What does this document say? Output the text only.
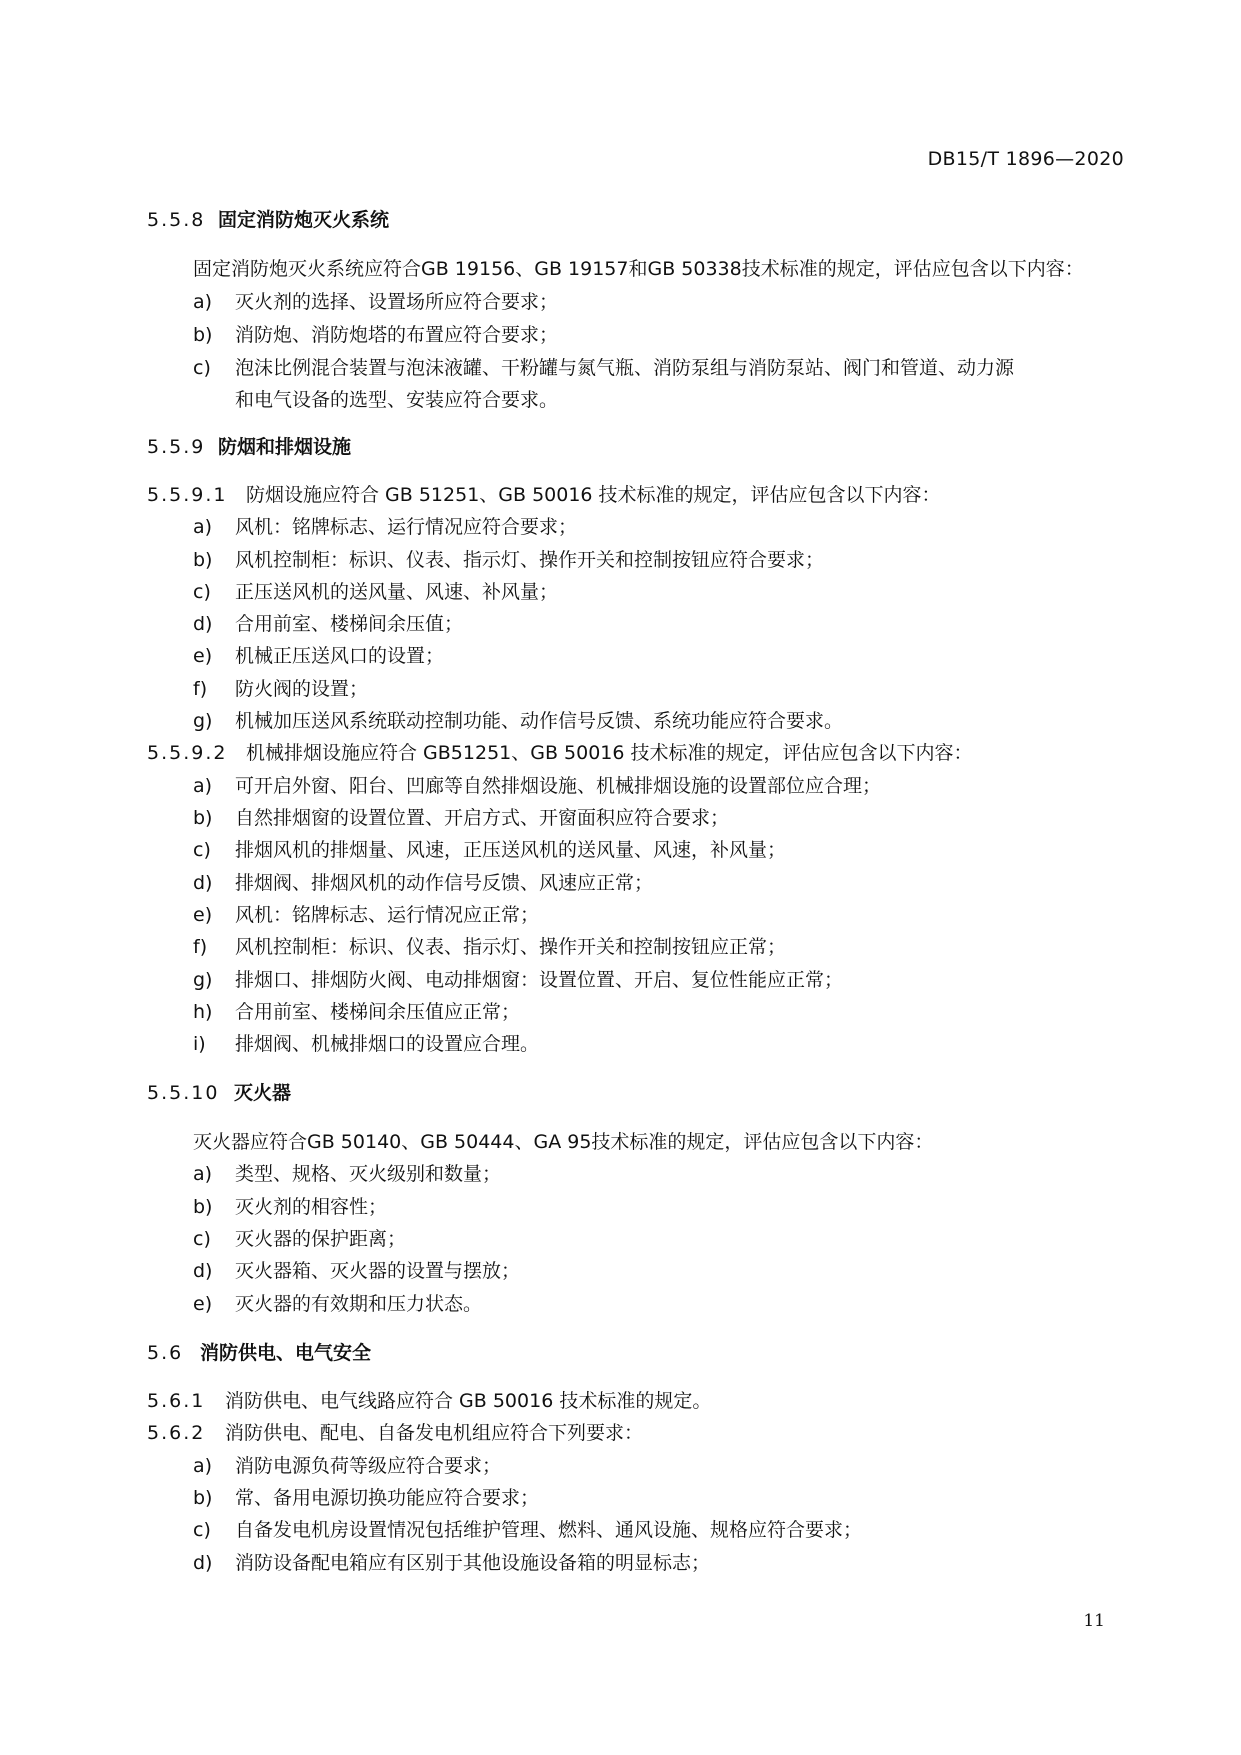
DB15/T 1896—2020
5.5.8 固定消防炮灭火系统
固定消防炮灭火系统应符合GB 19156、GB 19157和GB 50338技术标准的规定，评估应包含以下内容：
a) 灭火剂的选择、设置场所应符合要求；
b) 消防炮、消防炮塔的布置应符合要求；
c) 泡沫比例混合装置与泡沫液罐、干粉罐与氮气瓶、消防泵组与消防泵站、阀门和管道、动力源
和电气设备的选型、安装应符合要求。
5.5.9 防烟和排烟设施
5.5.9.1 防烟设施应符合 GB 51251、GB 50016 技术标准的规定，评估应包含以下内容：
a) 风机：铭牌标志、运行情况应符合要求；
b) 风机控制柜：标识、仪表、指示灯、操作开关和控制按钮应符合要求；
c) 正压送风机的送风量、风速、补风量；
d) 合用前室、楼梯间余压值；
e) 机械正压送风口的设置；
f) 防火阀的设置；
g) 机械加压送风系统联动控制功能、动作信号反馈、系统功能应符合要求。
5.5.9.2 机械排烟设施应符合 GB51251、GB 50016 技术标准的规定，评估应包含以下内容：
a) 可开启外窗、阳台、凹廊等自然排烟设施、机械排烟设施的设置部位应合理；
b) 自然排烟窗的设置位置、开启方式、开窗面积应符合要求；
c) 排烟风机的排烟量、风速，正压送风机的送风量、风速，补风量；
d) 排烟阀、排烟风机的动作信号反馈、风速应正常；
e) 风机：铭牌标志、运行情况应正常；
f) 风机控制柜：标识、仪表、指示灯、操作开关和控制按钮应正常；
g) 排烟口、排烟防火阀、电动排烟窗：设置位置、开启、复位性能应正常；
h) 合用前室、楼梯间余压值应正常；
i) 排烟阀、机械排烟口的设置应合理。
5.5.10 灭火器
灭火器应符合GB 50140、GB 50444、GA 95技术标准的规定，评估应包含以下内容：
a) 类型、规格、灭火级别和数量；
b) 灭火剂的相容性；
c) 灭火器的保护距离；
d) 灭火器箱、灭火器的设置与摆放；
e) 灭火器的有效期和压力状态。
5.6 消防供电、电气安全
5.6.1 消防供电、电气线路应符合 GB 50016 技术标准的规定。
5.6.2 消防供电、配电、自备发电机组应符合下列要求：
a) 消防电源负荷等级应符合要求；
b) 常、备用电源切换功能应符合要求；
c) 自备发电机房设置情况包括维护管理、燃料、通风设施、规格应符合要求；
d) 消防设备配电箱应有区别于其他设施设备箱的明显标志；
11
